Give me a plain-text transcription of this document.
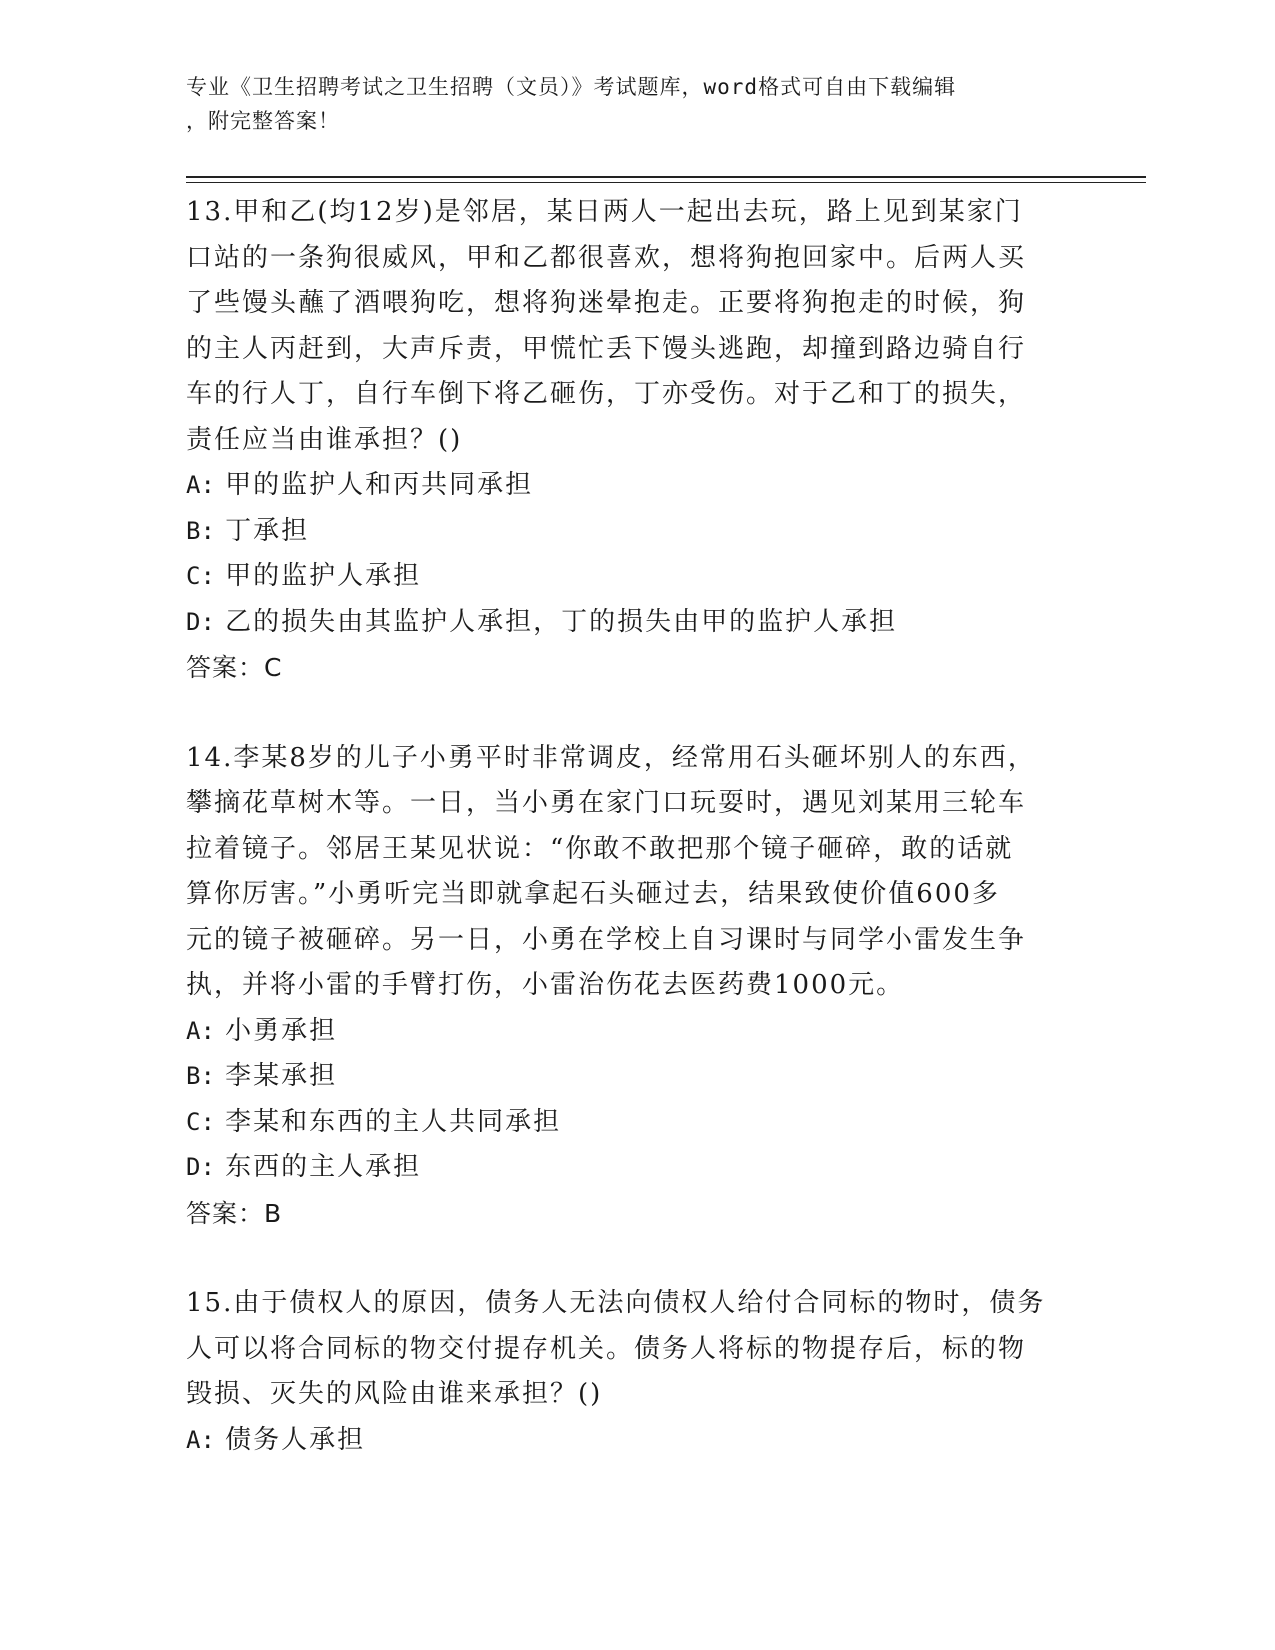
专业《卫生招聘考试之卫生招聘（文员）》考试题库，word格式可自由下载编辑
，附完整答案！

13.甲和乙(均12岁)是邻居，某日两人一起出去玩，路上见到某家门

口站的一条狗很威风，甲和乙都很喜欢，想将狗抱回家中。后两人买

了些馒头蘸了酒喂狗吃，想将狗迷晕抱走。正要将狗抱走的时候，狗

的主人丙赶到，大声斥责，甲慌忙丢下馒头逃跑，却撞到路边骑自行

车的行人丁，自行车倒下将乙砸伤，丁亦受伤。对于乙和丁的损失，

责任应当由谁承担？()

A: 甲的监护人和丙共同承担

B: 丁承担

C: 甲的监护人承担

D: 乙的损失由其监护人承担，丁的损失由甲的监护人承担

答案：C

14.李某8岁的儿子小勇平时非常调皮，经常用石头砸坏别人的东西，

攀摘花草树木等。一日，当小勇在家门口玩耍时，遇见刘某用三轮车

拉着镜子。邻居王某见状说：“你敢不敢把那个镜子砸碎，敢的话就

算你厉害。”小勇听完当即就拿起石头砸过去，结果致使价值600多

元的镜子被砸碎。另一日，小勇在学校上自习课时与同学小雷发生争

执，并将小雷的手臂打伤，小雷治伤花去医药费1000元。

A: 小勇承担

B: 李某承担

C: 李某和东西的主人共同承担

D: 东西的主人承担

答案：B

15.由于债权人的原因，债务人无法向债权人给付合同标的物时，债务

人可以将合同标的物交付提存机关。债务人将标的物提存后，标的物

毁损、灭失的风险由谁来承担？()

A: 债务人承担
